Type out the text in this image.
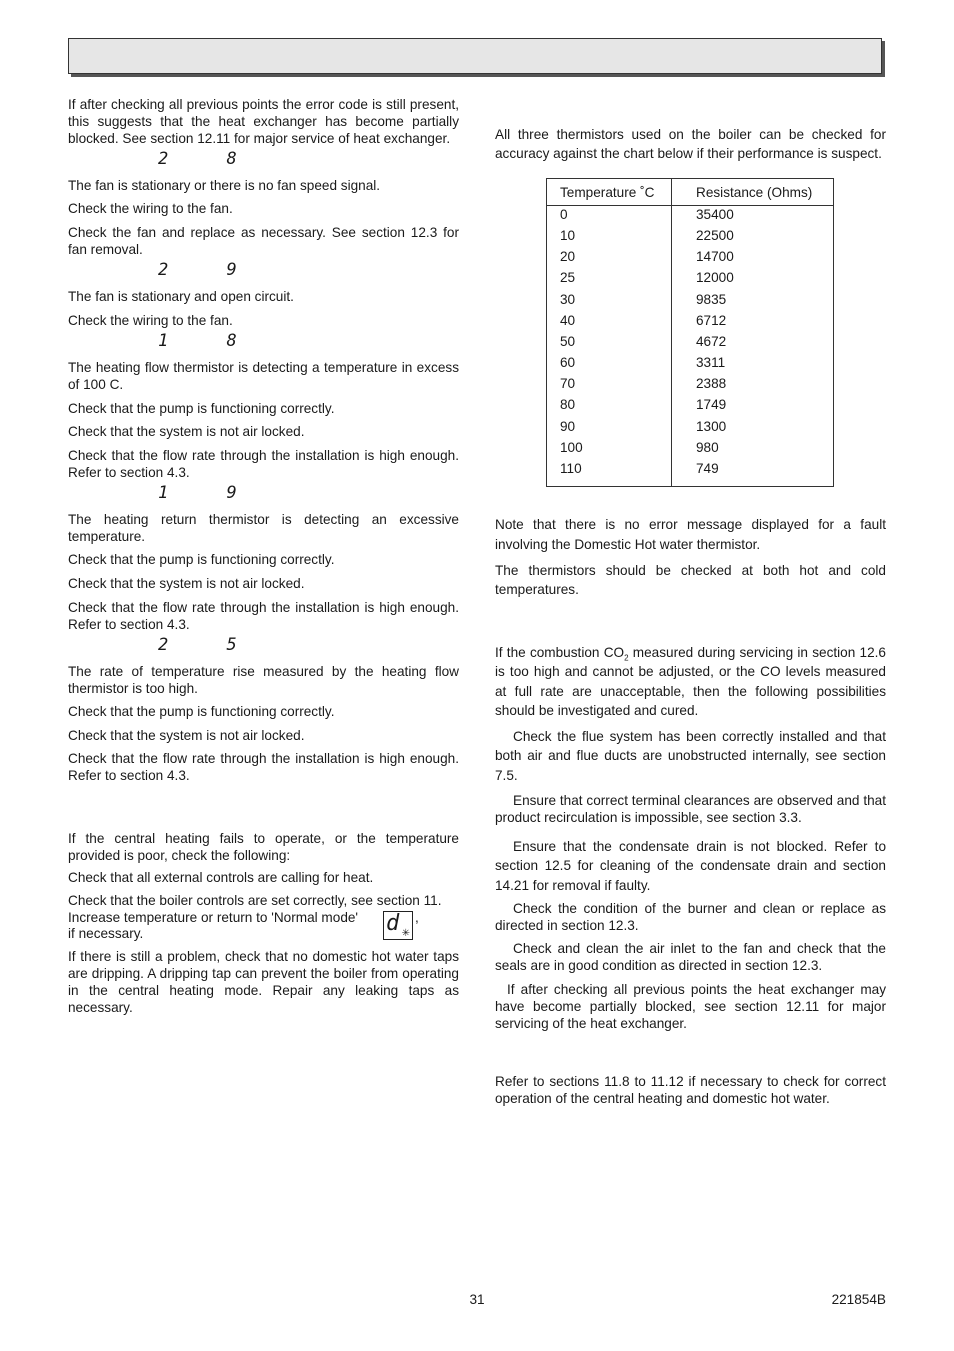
If after checking all previous points the error code is still present, this suggests that the heat exchanger has become partially blocked. See section 12.11 for major service of heat exchanger.

2 8

The fan is stationary or there is no fan speed signal.

Check the wiring to the fan.

Check the fan and replace as necessary. See section 12.3 for fan removal.

2 9

The fan is stationary and open circuit.

Check the wiring to the fan.

1 8

The heating flow thermistor is detecting a temperature in excess of 100 C.

Check that the pump is functioning correctly.

Check that the system is not air locked.

Check that the flow rate through the installation is high enough. Refer to section 4.3.

1 9

The heating return thermistor is detecting an excessive temperature.

Check that the pump is functioning correctly.

Check that the system is not air locked.

Check that the flow rate through the installation is high enough. Refer to section 4.3.

2 5

The rate of temperature rise measured by the heating flow thermistor is too high.

Check that the pump is functioning correctly.

Check that the system is not air locked.

Check that the flow rate through the installation is high enough. Refer to section 4.3.

If the central heating fails to operate, or the temperature provided is poor, check the following:

Check that all external controls are calling for heat.

Check that the boiler controls are set correctly, see section 11.

Increase temperature or return to 'Normal mode'	d ✳
,

if necessary.

If there is still a problem, check that no domestic hot water taps are dripping. A dripping tap can prevent the boiler from operating in the central heating mode. Repair any leaking taps as necessary.

All three thermistors used on the boiler can be checked for accuracy against the chart below if their performance is suspect.

Temperature ˚C	Resistance (Ohms)
0	35400
10	22500
20	14700
25	12000
30	9835
40	6712
50	4672
60	3311
70	2388
80	1749
90	1300
100	980
110	749

Note that there is no error message displayed for a fault involving the Domestic Hot water thermistor.

The thermistors should be checked at both hot and cold temperatures.

If the combustion $CO_2$ measured during servicing in section 12.6 is too high and cannot be adjusted, or the CO levels measured at full rate are unacceptable, then the following possibilities should be investigated and cured.

Check the flue system has been correctly installed and that both air and flue ducts are unobstructed internally, see section 7.5.

Ensure that correct terminal clearances are observed and that product recirculation is impossible, see section 3.3.

Ensure that the condensate drain is not blocked. Refer to section 12.5 for cleaning of the condensate drain and section 14.21 for removal if faulty.

Check the condition of the burner and clean or replace as directed in section 12.3.

Check and clean the air inlet to the fan and check that the seals are in good condition as directed in section 12.3.

If after checking all previous points the heat exchanger may have become partially blocked, see section 12.11 for major servicing of the heat exchanger.

Refer to sections 11.8 to 11.12 if necessary to check for correct operation of the central heating and domestic hot water.

31	221854B
